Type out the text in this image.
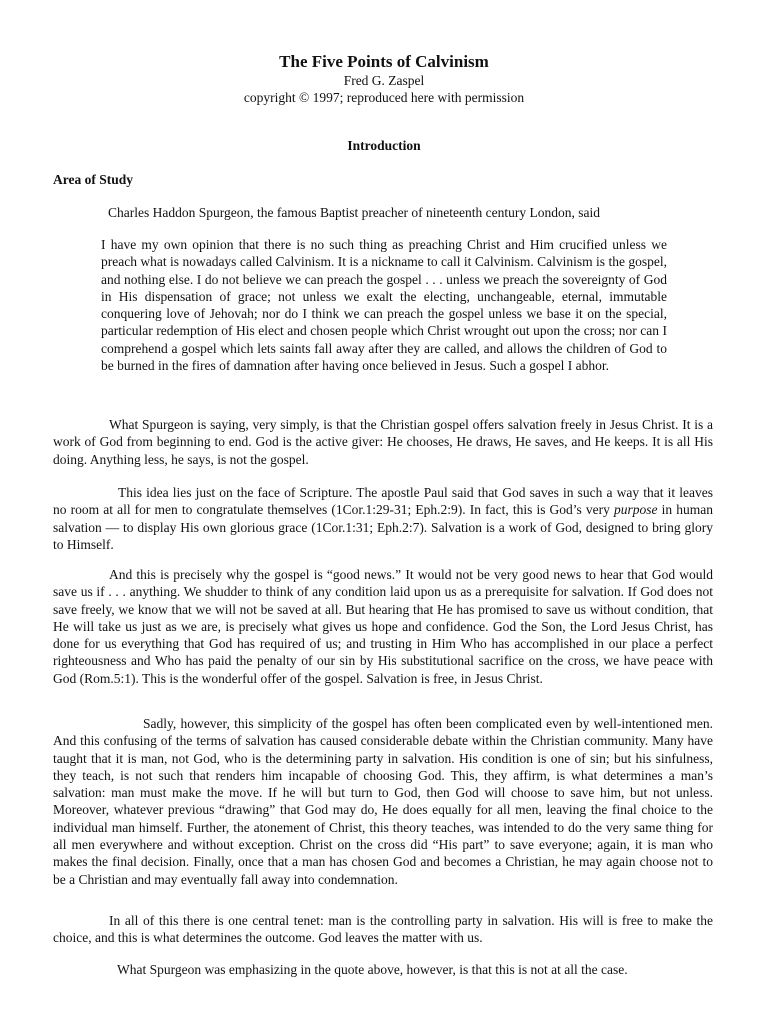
The Five Points of Calvinism
Fred G. Zaspel
copyright © 1997; reproduced here with permission
Introduction
Area of Study

Charles Haddon Spurgeon, the famous Baptist preacher of nineteenth century London, said

I have my own opinion that there is no such thing as preaching Christ and Him crucified unless we preach what is nowadays called Calvinism. It is a nickname to call it Calvinism. Calvinism is the gospel, and nothing else. I do not believe we can preach the gospel . . . unless we preach the sovereignty of God in His dispensation of grace; not unless we exalt the electing, unchangeable, eternal, immutable conquering love of Jehovah; nor do I think we can preach the gospel unless we base it on the special, particular redemption of His elect and chosen people which Christ wrought out upon the cross; nor can I comprehend a gospel which lets saints fall away after they are called, and allows the children of God to be burned in the fires of damnation after having once believed in Jesus. Such a gospel I abhor.

What Spurgeon is saying, very simply, is that the Christian gospel offers salvation freely in Jesus Christ. It is a work of God from beginning to end. God is the active giver: He chooses, He draws, He saves, and He keeps. It is all His doing. Anything less, he says, is not the gospel.

This idea lies just on the face of Scripture. The apostle Paul said that God saves in such a way that it leaves no room at all for men to congratulate themselves (1Cor.1:29-31; Eph.2:9). In fact, this is God’s very purpose in human salvation — to display His own glorious grace (1Cor.1:31; Eph.2:7). Salvation is a work of God, designed to bring glory to Himself.

And this is precisely why the gospel is “good news.” It would not be very good news to hear that God would save us if . . . anything. We shudder to think of any condition laid upon us as a prerequisite for salvation. If God does not save freely, we know that we will not be saved at all. But hearing that He has promised to save us without condition, that He will take us just as we are, is precisely what gives us hope and confidence. God the Son, the Lord Jesus Christ, has done for us everything that God has required of us; and trusting in Him Who has accomplished in our place a perfect righteousness and Who has paid the penalty of our sin by His substitutional sacrifice on the cross, we have peace with God (Rom.5:1). This is the wonderful offer of the gospel. Salvation is free, in Jesus Christ.

Sadly, however, this simplicity of the gospel has often been complicated even by well-intentioned men. And this confusing of the terms of salvation has caused considerable debate within the Christian community. Many have taught that it is man, not God, who is the determining party in salvation. His condition is one of sin; but his sinfulness, they teach, is not such that renders him incapable of choosing God. This, they affirm, is what determines a man’s salvation: man must make the move. If he will but turn to God, then God will choose to save him, but not unless. Moreover, whatever previous “drawing” that God may do, He does equally for all men, leaving the final choice to the individual man himself. Further, the atonement of Christ, this theory teaches, was intended to do the very same thing for all men everywhere and without exception. Christ on the cross did “His part” to save everyone; again, it is man who makes the final decision. Finally, once that a man has chosen God and becomes a Christian, he may again choose not to be a Christian and may eventually fall away into condemnation.

In all of this there is one central tenet: man is the controlling party in salvation. His will is free to make the choice, and this is what determines the outcome. God leaves the matter with us.

What Spurgeon was emphasizing in the quote above, however, is that this is not at all the case.
